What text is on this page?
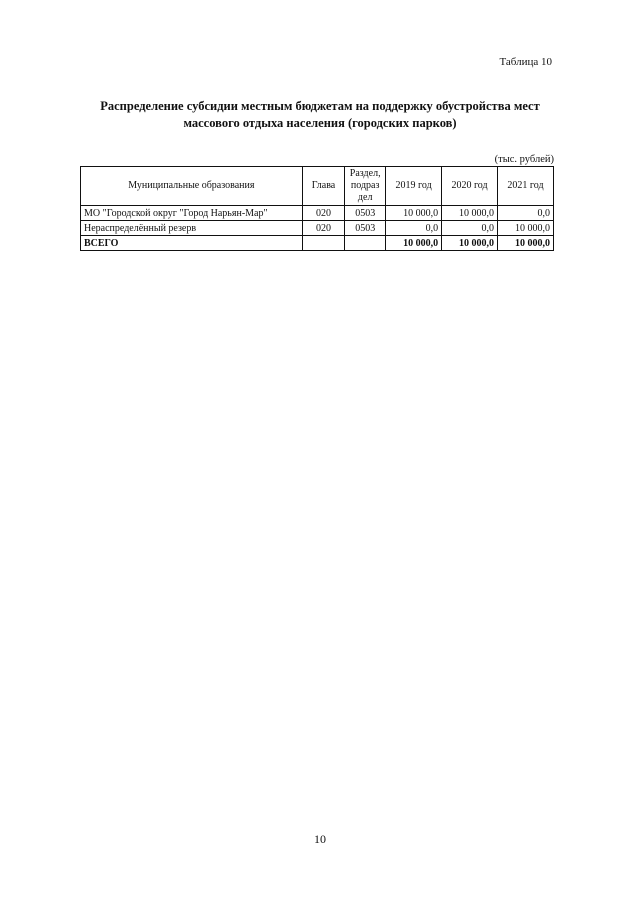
Таблица 10
Распределение субсидии местным бюджетам на поддержку обустройства мест
массового отдыха населения (городских парков)
(тыс. рублей)
Муниципальные образования	Глава	Раздел,
подраз
дел	2019 год	2020 год	2021 год
МО "Городской округ "Город Нарьян-Мар"	020	0503	10 000,0	10 000,0	0,0
Нераспределённый резерв	020	0503	0,0	0,0	10 000,0
ВСЕГО			10 000,0	10 000,0	10 000,0
10
